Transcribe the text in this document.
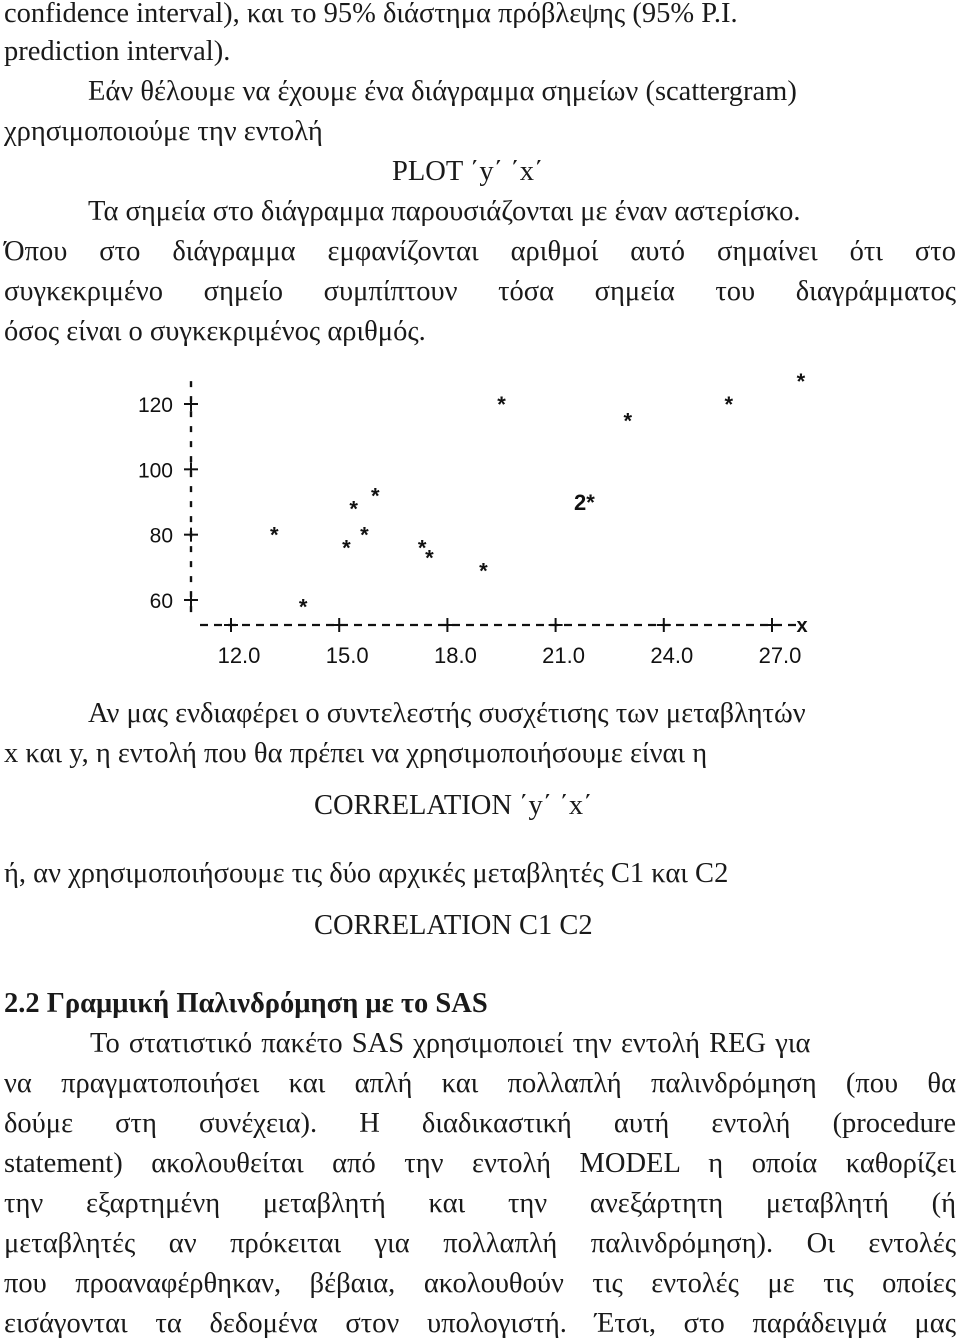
confidence interval), και το 95% διάστημα πρόβλεψης (95% P.I.
prediction interval).
Εάν θέλουμε να έχουμε ένα διάγραμμα σημείων (scattergram)
χρησιμοποιούμε την εντολή
PLOT ΄y΄ ΄x΄
Τα σημεία στο διάγραμμα παρουσιάζονται με έναν αστερίσκο.
Όπου στο διάγραμμα εμφανίζονται αριθμοί αυτό σημαίνει ότι στο
συγκεκριμένο σημείο συμπίπτουν τόσα σημεία του διαγράμματος
όσος είναι ο συγκεκριμένος αριθμός.
120
100
80
60
12.0	15.0	18.0	21.0	24.0	27.0
x
*
*
*
*
*
*
*
*
*
*
2*
*
*
*
Αν μας ενδιαφέρει ο συντελεστής συσχέτισης των μεταβλητών
x και y, η εντολή που θα πρέπει να χρησιμοποιήσουμε είναι η
CORRELATION ΄y΄ ΄x΄
ή, αν χρησιμοποιήσουμε τις δύο αρχικές μεταβλητές C1 και C2
CORRELATION C1 C2
2.2 Γραμμική Παλινδρόμηση με το SAS
Το στατιστικό πακέτο SAS χρησιμοποιεί την εντολή REG για
να πραγματοποιήσει και απλή και πολλαπλή παλινδρόμηση (που θα
δούμε στη συνέχεια). Η διαδικαστική αυτή εντολή (procedure
statement) ακολουθείται από την εντολή MODEL η οποία καθορίζει
την εξαρτημένη μεταβλητή και την ανεξάρτητη μεταβλητή (ή
μεταβλητές αν πρόκειται για πολλαπλή παλινδρόμηση). Οι εντολές
που προαναφέρθηκαν, βέβαια, ακολουθούν τις εντολές με τις οποίες
εισάγονται τα δεδομένα στον υπολογιστή. Έτσι, στο παράδειγμά μας
